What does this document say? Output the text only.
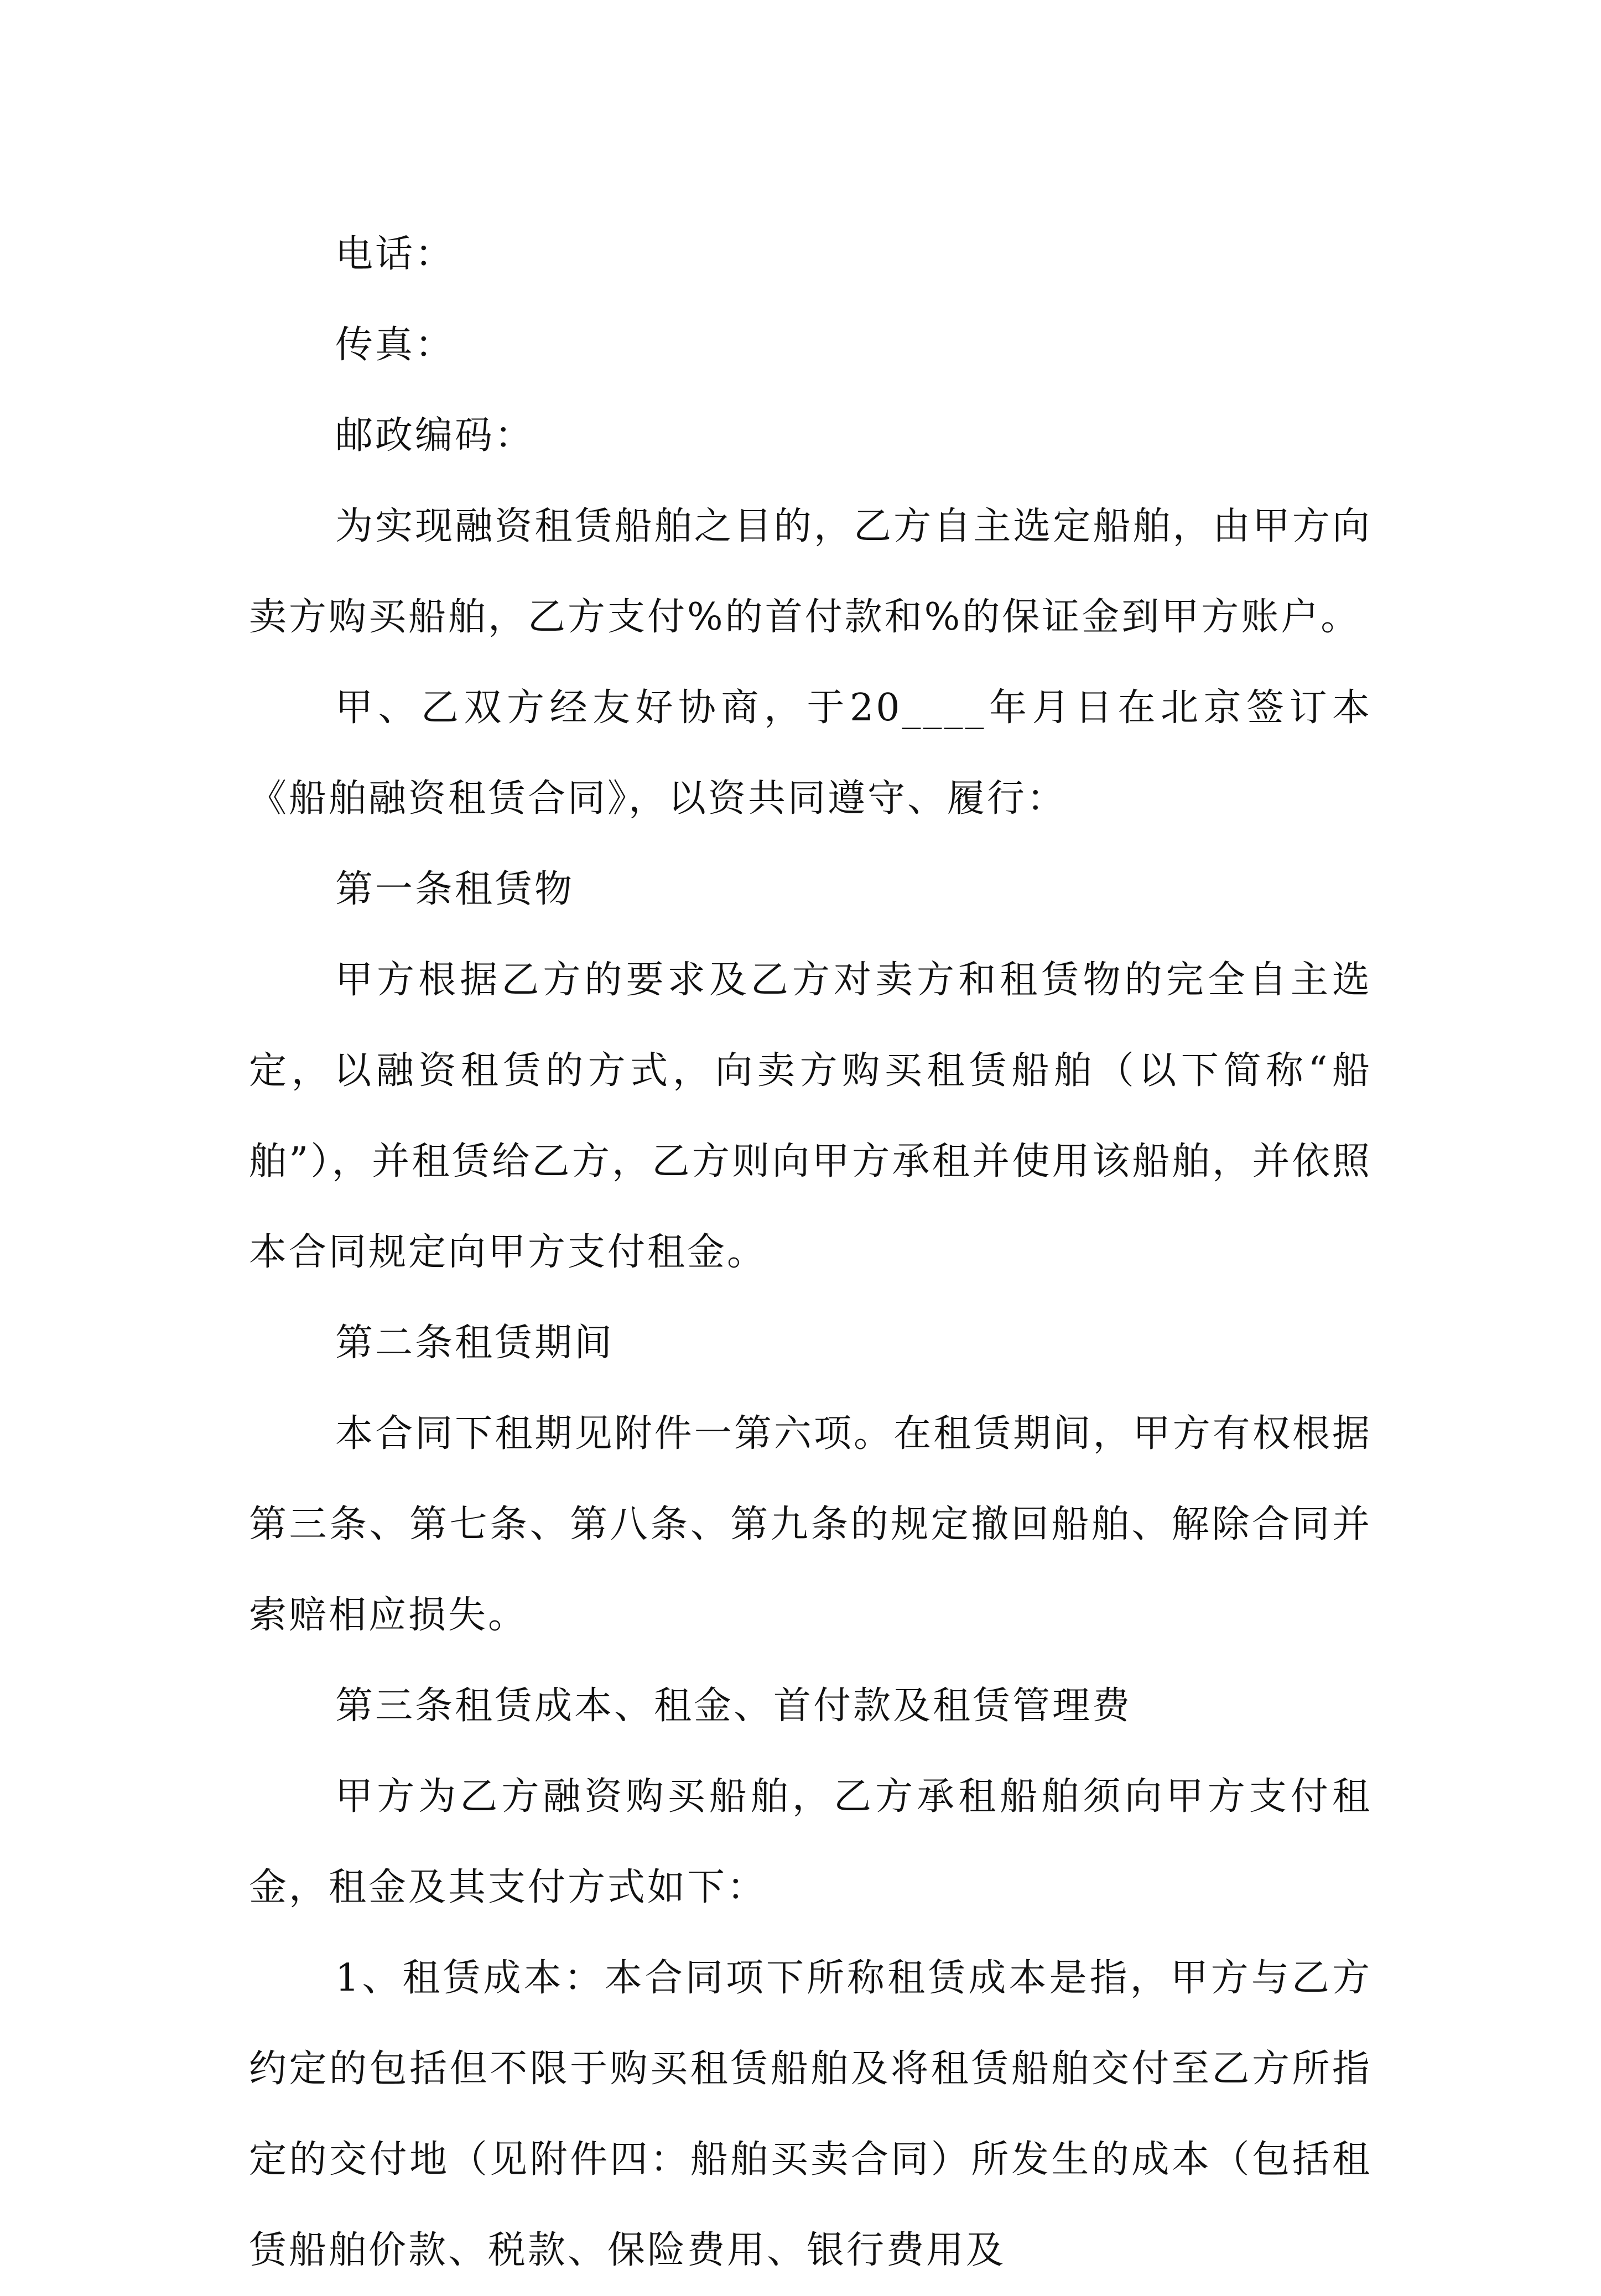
电话：

传真：

邮政编码：

为实现融资租赁船舶之目的，乙方自主选定船舶，由甲方向卖方购买船舶，乙方支付%的首付款和%的保证金到甲方账户。

甲、乙双方经友好协商，于20____年月日在北京签订本《船舶融资租赁合同》，以资共同遵守、履行：

第一条租赁物

甲方根据乙方的要求及乙方对卖方和租赁物的完全自主选定，以融资租赁的方式，向卖方购买租赁船舶（以下简称“船舶”），并租赁给乙方，乙方则向甲方承租并使用该船舶，并依照本合同规定向甲方支付租金。

第二条租赁期间

本合同下租期见附件一第六项。在租赁期间，甲方有权根据第三条、第七条、第八条、第九条的规定撤回船舶、解除合同并索赔相应损失。

第三条租赁成本、租金、首付款及租赁管理费

甲方为乙方融资购买船舶，乙方承租船舶须向甲方支付租金，租金及其支付方式如下：

1、租赁成本：本合同项下所称租赁成本是指，甲方与乙方约定的包括但不限于购买租赁船舶及将租赁船舶交付至乙方所指定的交付地（见附件四：船舶买卖合同）所发生的成本（包括租赁船舶价款、税款、保险费用、银行费用及
